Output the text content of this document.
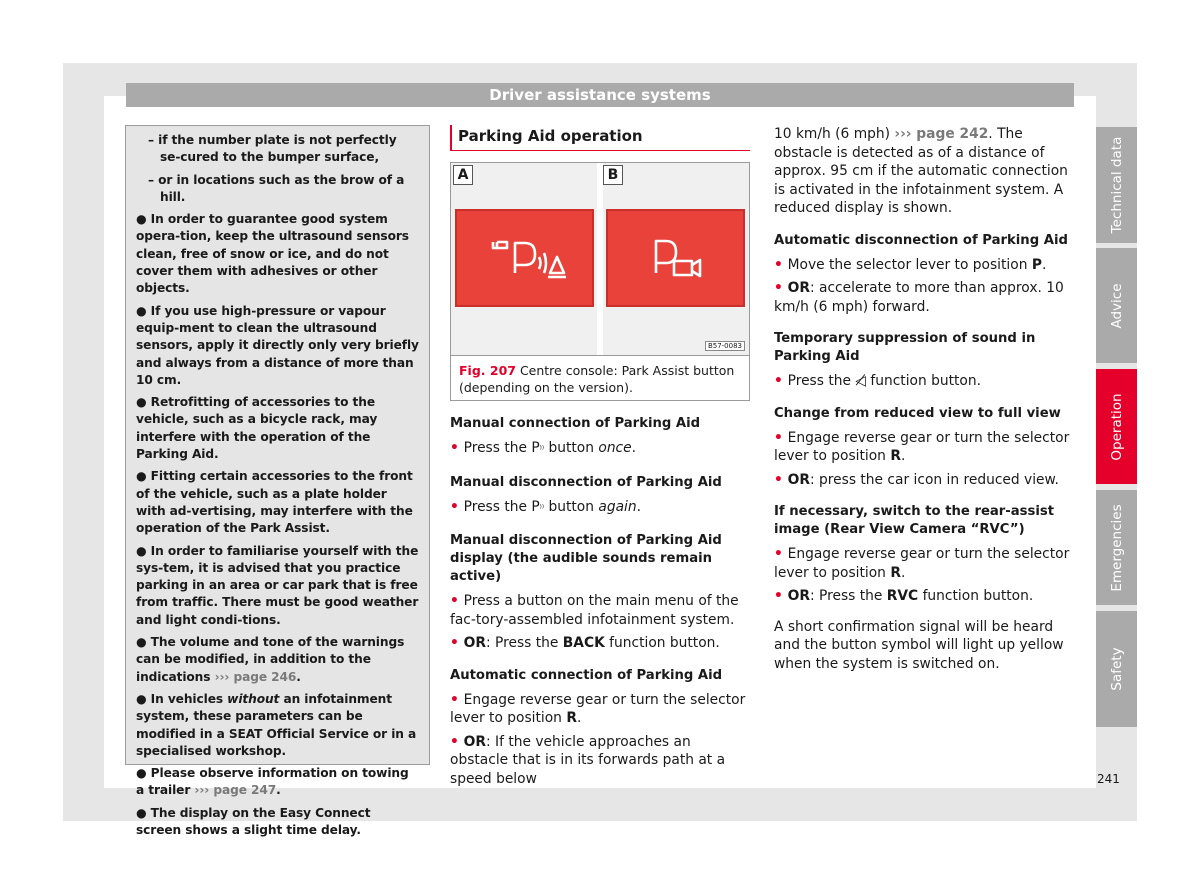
Driver assistance systems

– if the number plate is not perfectly se-cured to the bumper surface,

– or in locations such as the brow of a hill.

● In order to guarantee good system opera-tion, keep the ultrasound sensors clean, free of snow or ice, and do not cover them with adhesives or other objects.

● If you use high-pressure or vapour equip-ment to clean the ultrasound sensors, apply it directly only very briefly and always from a distance of more than 10 cm.

● Retrofitting of accessories to the vehicle, such as a bicycle rack, may interfere with the operation of the Parking Aid.

● Fitting certain accessories to the front of the vehicle, such as a plate holder with ad-vertising, may interfere with the operation of the Park Assist.

● In order to familiarise yourself with the sys-tem, it is advised that you practice parking in an area or car park that is free from traffic. There must be good weather and light condi-tions.

● The volume and tone of the warnings can be modified, in addition to the indications ››› page 246.

● In vehicles without an infotainment system, these parameters can be modified in a SEAT Official Service or in a specialised workshop.

● Please observe information on towing a trailer ››› page 247.

● The display on the Easy Connect screen shows a slight time delay.

Parking Aid operation
A	B
B57-0083
Fig. 207 Centre console: Park Assist button (depending on the version).
Manual connection of Parking Aid

• Press the P⁾⁾ button once.

Manual disconnection of Parking Aid

• Press the P⁾⁾ button again.

Manual disconnection of Parking Aid display (the audible sounds remain active)

• Press a button on the main menu of the fac-tory-assembled infotainment system.

• OR: Press the BACK function button.

Automatic connection of Parking Aid

• Engage reverse gear or turn the selector lever to position R.

• OR: If the vehicle approaches an obstacle that is in its forwards path at a speed below

10 km/h (6 mph) ››› page 242. The obstacle is detected as of a distance of approx. 95 cm if the automatic connection is activated in the infotainment system. A reduced display is shown.

Automatic disconnection of Parking Aid

• Move the selector lever to position P.

• OR: accelerate to more than approx. 10 km/h (6 mph) forward.

Temporary suppression of sound in Parking Aid

• Press the ◁̸ function button.

Change from reduced view to full view

• Engage reverse gear or turn the selector lever to position R.

• OR: press the car icon in reduced view.

If necessary, switch to the rear-assist image (Rear View Camera “RVC”)

• Engage reverse gear or turn the selector lever to position R.

• OR: Press the RVC function button.

A short confirmation signal will be heard and the button symbol will light up yellow when the system is switched on.

Technical data
Advice
Operation
Emergencies
Safety
241
